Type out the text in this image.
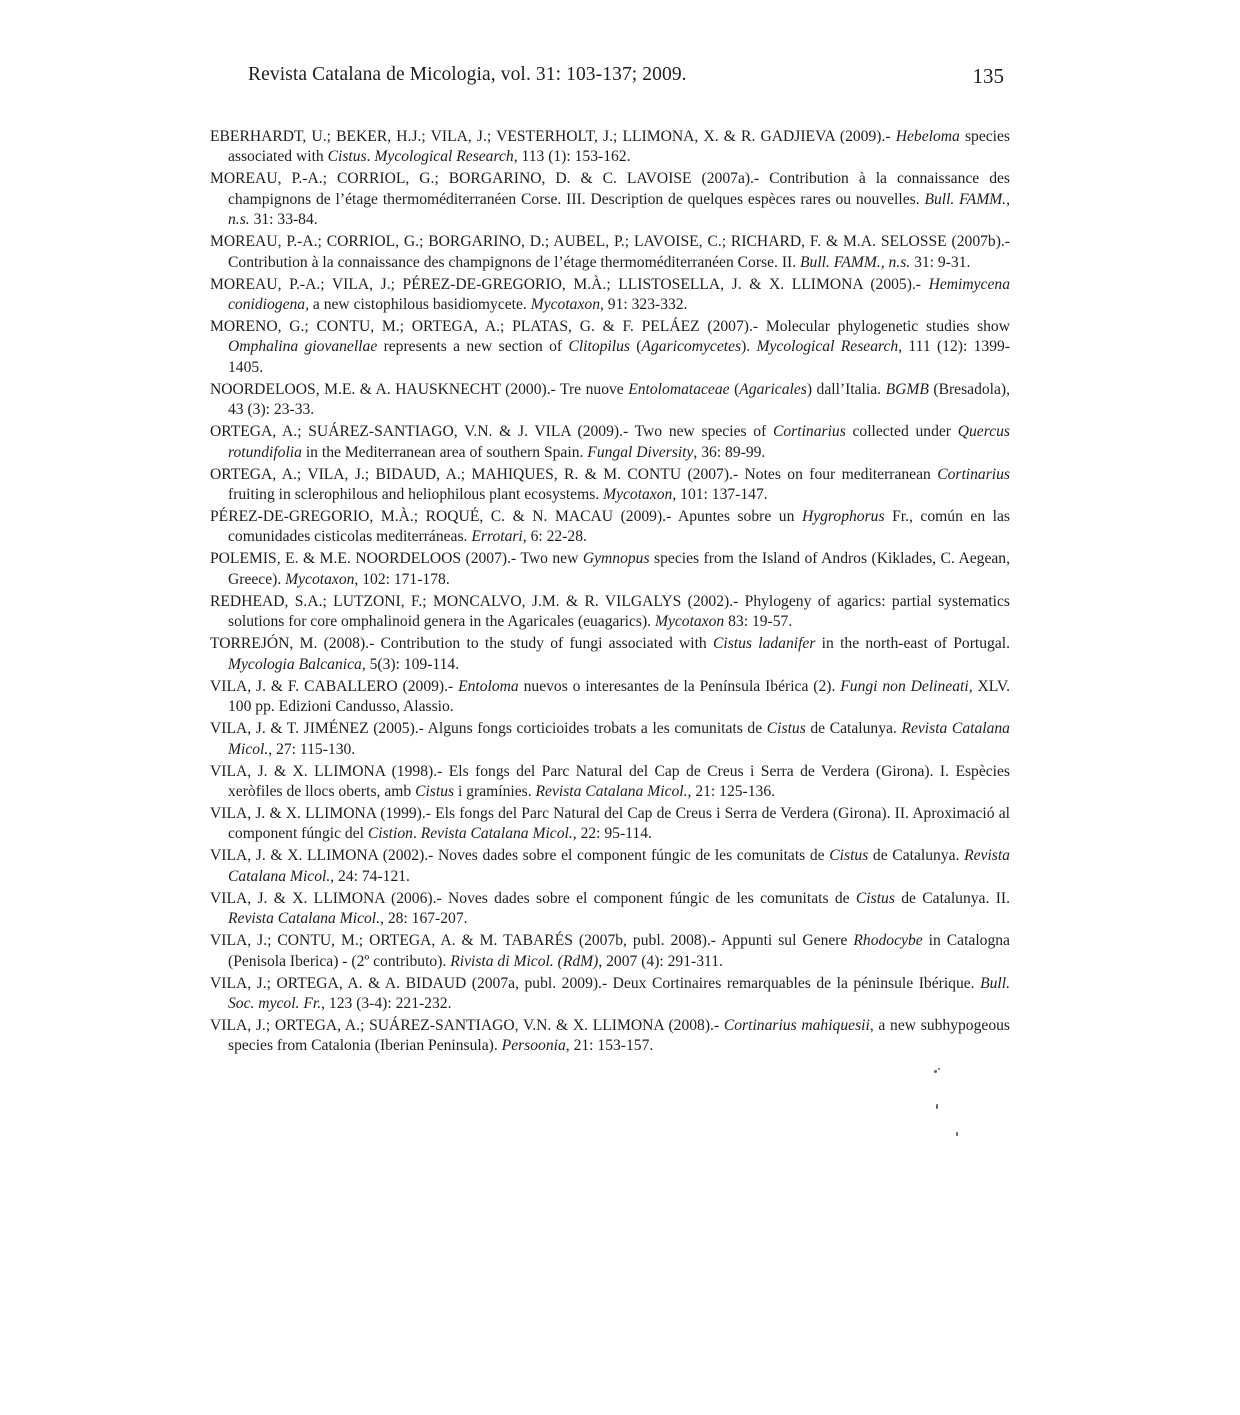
Revista Catalana de Micologia, vol. 31: 103-137; 2009.	135

EBERHARDT, U.; BEKER, H.J.; VILA, J.; VESTERHOLT, J.; LLIMONA, X. & R. GADJIEVA (2009).- Hebeloma species associated with Cistus. Mycological Research, 113 (1): 153-162.

MOREAU, P.-A.; CORRIOL, G.; BORGARINO, D. & C. LAVOISE (2007a).- Contribution à la connaissance des champignons de l’étage thermoméditerranéen Corse. III. Description de quelques espèces rares ou nouvelles. Bull. FAMM., n.s. 31: 33-84.

MOREAU, P.-A.; CORRIOL, G.; BORGARINO, D.; AUBEL, P.; LAVOISE, C.; RICHARD, F. & M.A. SELOSSE (2007b).- Contribution à la connaissance des champignons de l’étage thermoméditerranéen Corse. II. Bull. FAMM., n.s. 31: 9-31.

MOREAU, P.-A.; VILA, J.; PÉREZ-DE-GREGORIO, M.À.; LLISTOSELLA, J. & X. LLIMONA (2005).- Hemimycena conidiogena, a new cistophilous basidiomycete. Mycotaxon, 91: 323-332.

MORENO, G.; CONTU, M.; ORTEGA, A.; PLATAS, G. & F. PELÁEZ (2007).- Molecular phylogenetic studies show Omphalina giovanellae represents a new section of Clitopilus (Agaricomycetes). Mycological Research, 111 (12): 1399-1405.

NOORDELOOS, M.E. & A. HAUSKNECHT (2000).- Tre nuove Entolomataceae (Agaricales) dall’Italia. BGMB (Bresadola), 43 (3): 23-33.

ORTEGA, A.; SUÁREZ-SANTIAGO, V.N. & J. VILA (2009).- Two new species of Cortinarius collected under Quercus rotundifolia in the Mediterranean area of southern Spain. Fungal Diversity, 36: 89-99.

ORTEGA, A.; VILA, J.; BIDAUD, A.; MAHIQUES, R. & M. CONTU (2007).- Notes on four mediterranean Cortinarius fruiting in sclerophilous and heliophilous plant ecosystems. Mycotaxon, 101: 137-147.

PÉREZ-DE-GREGORIO, M.À.; ROQUÉ, C. & N. MACAU (2009).- Apuntes sobre un Hygrophorus Fr., común en las comunidades cisticolas mediterráneas. Errotari, 6: 22-28.

POLEMIS, E. & M.E. NOORDELOOS (2007).- Two new Gymnopus species from the Island of Andros (Kiklades, C. Aegean, Greece). Mycotaxon, 102: 171-178.

REDHEAD, S.A.; LUTZONI, F.; MONCALVO, J.M. & R. VILGALYS (2002).- Phylogeny of agarics: partial systematics solutions for core omphalinoid genera in the Agaricales (euagarics). Mycotaxon 83: 19-57.

TORREJÓN, M. (2008).- Contribution to the study of fungi associated with Cistus ladanifer in the north-east of Portugal. Mycologia Balcanica, 5(3): 109-114.

VILA, J. & F. CABALLERO (2009).- Entoloma nuevos o interesantes de la Península Ibérica (2). Fungi non Delineati, XLV. 100 pp. Edizioni Candusso, Alassio.

VILA, J. & T. JIMÉNEZ (2005).- Alguns fongs corticioides trobats a les comunitats de Cistus de Catalunya. Revista Catalana Micol., 27: 115-130.

VILA, J. & X. LLIMONA (1998).- Els fongs del Parc Natural del Cap de Creus i Serra de Verdera (Girona). I. Espècies xeròfiles de llocs oberts, amb Cistus i gramínies. Revista Catalana Micol., 21: 125-136.

VILA, J. & X. LLIMONA (1999).- Els fongs del Parc Natural del Cap de Creus i Serra de Verdera (Girona). II. Aproximació al component fúngic del Cistion. Revista Catalana Micol., 22: 95-114.

VILA, J. & X. LLIMONA (2002).- Noves dades sobre el component fúngic de les comunitats de Cistus de Catalunya. Revista Catalana Micol., 24: 74-121.

VILA, J. & X. LLIMONA (2006).- Noves dades sobre el component fúngic de les comunitats de Cistus de Catalunya. II. Revista Catalana Micol., 28: 167-207.

VILA, J.; CONTU, M.; ORTEGA, A. & M. TABARÉS (2007b, publ. 2008).- Appunti sul Genere Rhodocybe in Catalogna (Penisola Iberica) - (2º contributo). Rivista di Micol. (RdM), 2007 (4): 291-311.

VILA, J.; ORTEGA, A. & A. BIDAUD (2007a, publ. 2009).- Deux Cortinaires remarquables de la péninsule Ibérique. Bull. Soc. mycol. Fr., 123 (3-4): 221-232.

VILA, J.; ORTEGA, A.; SUÁREZ-SANTIAGO, V.N. & X. LLIMONA (2008).- Cortinarius mahiquesii, a new subhypogeous species from Catalonia (Iberian Peninsula). Persoonia, 21: 153-157.
